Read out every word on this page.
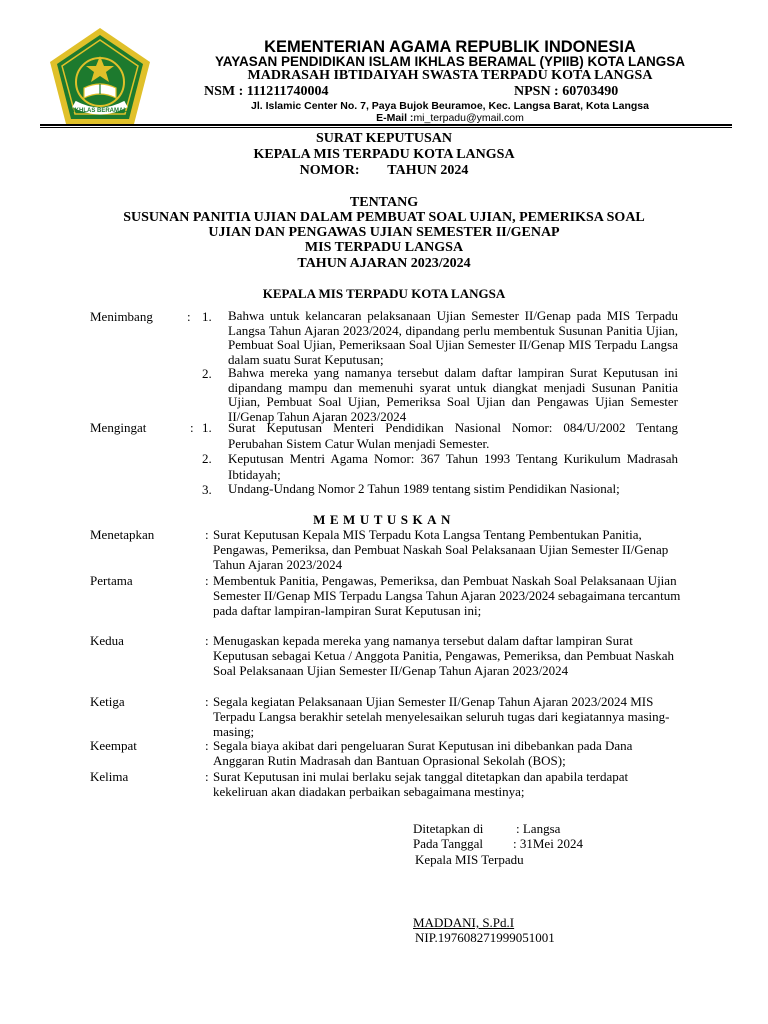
IKHLAS BERAMAL
KEMENTERIAN AGAMA REPUBLIK INDONESIA
YAYASAN PENDIDIKAN ISLAM IKHLAS BERAMAL (YPIIB) KOTA LANGSA
MADRASAH IBTIDAIYAH SWASTA TERPADU KOTA LANGSA
NSM : 111211740004	NPSN : 60703490
Jl. Islamic Center No. 7, Paya Bujok Beuramoe, Kec. Langsa Barat, Kota Langsa
E-Mail :mi_terpadu@ymail.com
SURAT KEPUTUSAN
KEPALA MIS TERPADU KOTA LANGSA
NOMOR:        TAHUN 2024
TENTANG
SUSUNAN PANITIA UJIAN DALAM PEMBUAT SOAL UJIAN, PEMERIKSA SOAL
UJIAN DAN PENGAWAS UJIAN SEMESTER II/GENAP
MIS TERPADU LANGSA
TAHUN AJARAN 2023/2024
KEPALA MIS TERPADU KOTA LANGSA
Menimbang	: 1. Bahwa untuk kelancaran pelaksanaan Ujian Semester II/Genap pada MIS Terpadu Langsa Tahun Ajaran 2023/2024, dipandang perlu membentuk Susunan Panitia Ujian, Pembuat Soal Ujian, Pemeriksaan Soal Ujian Semester II/Genap MIS Terpadu Langsa dalam suatu Surat Keputusan;
2. Bahwa mereka yang namanya tersebut dalam daftar lampiran Surat Keputusan ini dipandang mampu dan memenuhi syarat untuk diangkat menjadi Susunan Panitia Ujian, Pembuat Soal Ujian, Pemeriksa Soal Ujian dan Pengawas Ujian Semester II/Genap Tahun Ajaran 2023/2024
Mengingat	: 1. Surat Keputusan Menteri Pendidikan Nasional Nomor: 084/U/2002 Tentang Perubahan Sistem Catur Wulan menjadi Semester.
2. Keputusan Mentri Agama Nomor: 367 Tahun 1993 Tentang Kurikulum Madrasah Ibtidayah;
3. Undang-Undang Nomor 2 Tahun 1989 tentang sistim Pendidikan Nasional;
MEMUTUSKAN
Menetapkan	: Surat Keputusan Kepala MIS Terpadu Kota Langsa Tentang Pembentukan Panitia, Pengawas, Pemeriksa, dan Pembuat Naskah Soal Pelaksanaan Ujian Semester II/Genap Tahun Ajaran 2023/2024
Pertama	: Membentuk Panitia, Pengawas, Pemeriksa, dan Pembuat Naskah Soal Pelaksanaan Ujian Semester II/Genap MIS Terpadu Langsa Tahun Ajaran 2023/2024 sebagaimana tercantum pada daftar lampiran-lampiran Surat Keputusan ini;
Kedua	: Menugaskan kepada mereka yang namanya tersebut dalam daftar lampiran Surat Keputusan sebagai Ketua / Anggota Panitia, Pengawas, Pemeriksa, dan Pembuat Naskah Soal Pelaksanaan Ujian Semester II/Genap Tahun Ajaran 2023/2024
Ketiga	: Segala kegiatan Pelaksanaan Ujian Semester II/Genap Tahun Ajaran 2023/2024 MIS Terpadu Langsa berakhir setelah menyelesaikan seluruh tugas dari kegiatannya masing-masing;
Keempat	: Segala biaya akibat dari pengeluaran Surat Keputusan ini dibebankan pada Dana Anggaran Rutin Madrasah dan Bantuan Oprasional Sekolah (BOS);
Kelima	: Surat Keputusan ini mulai berlaku sejak tanggal ditetapkan dan apabila terdapat kekeliruan akan diadakan perbaikan sebagaimana mestinya;
Ditetapkan di	: Langsa
Pada Tanggal : 31Mei 2024
Kepala MIS Terpadu
MADDANI, S.Pd.I
NIP.197608271999051001
